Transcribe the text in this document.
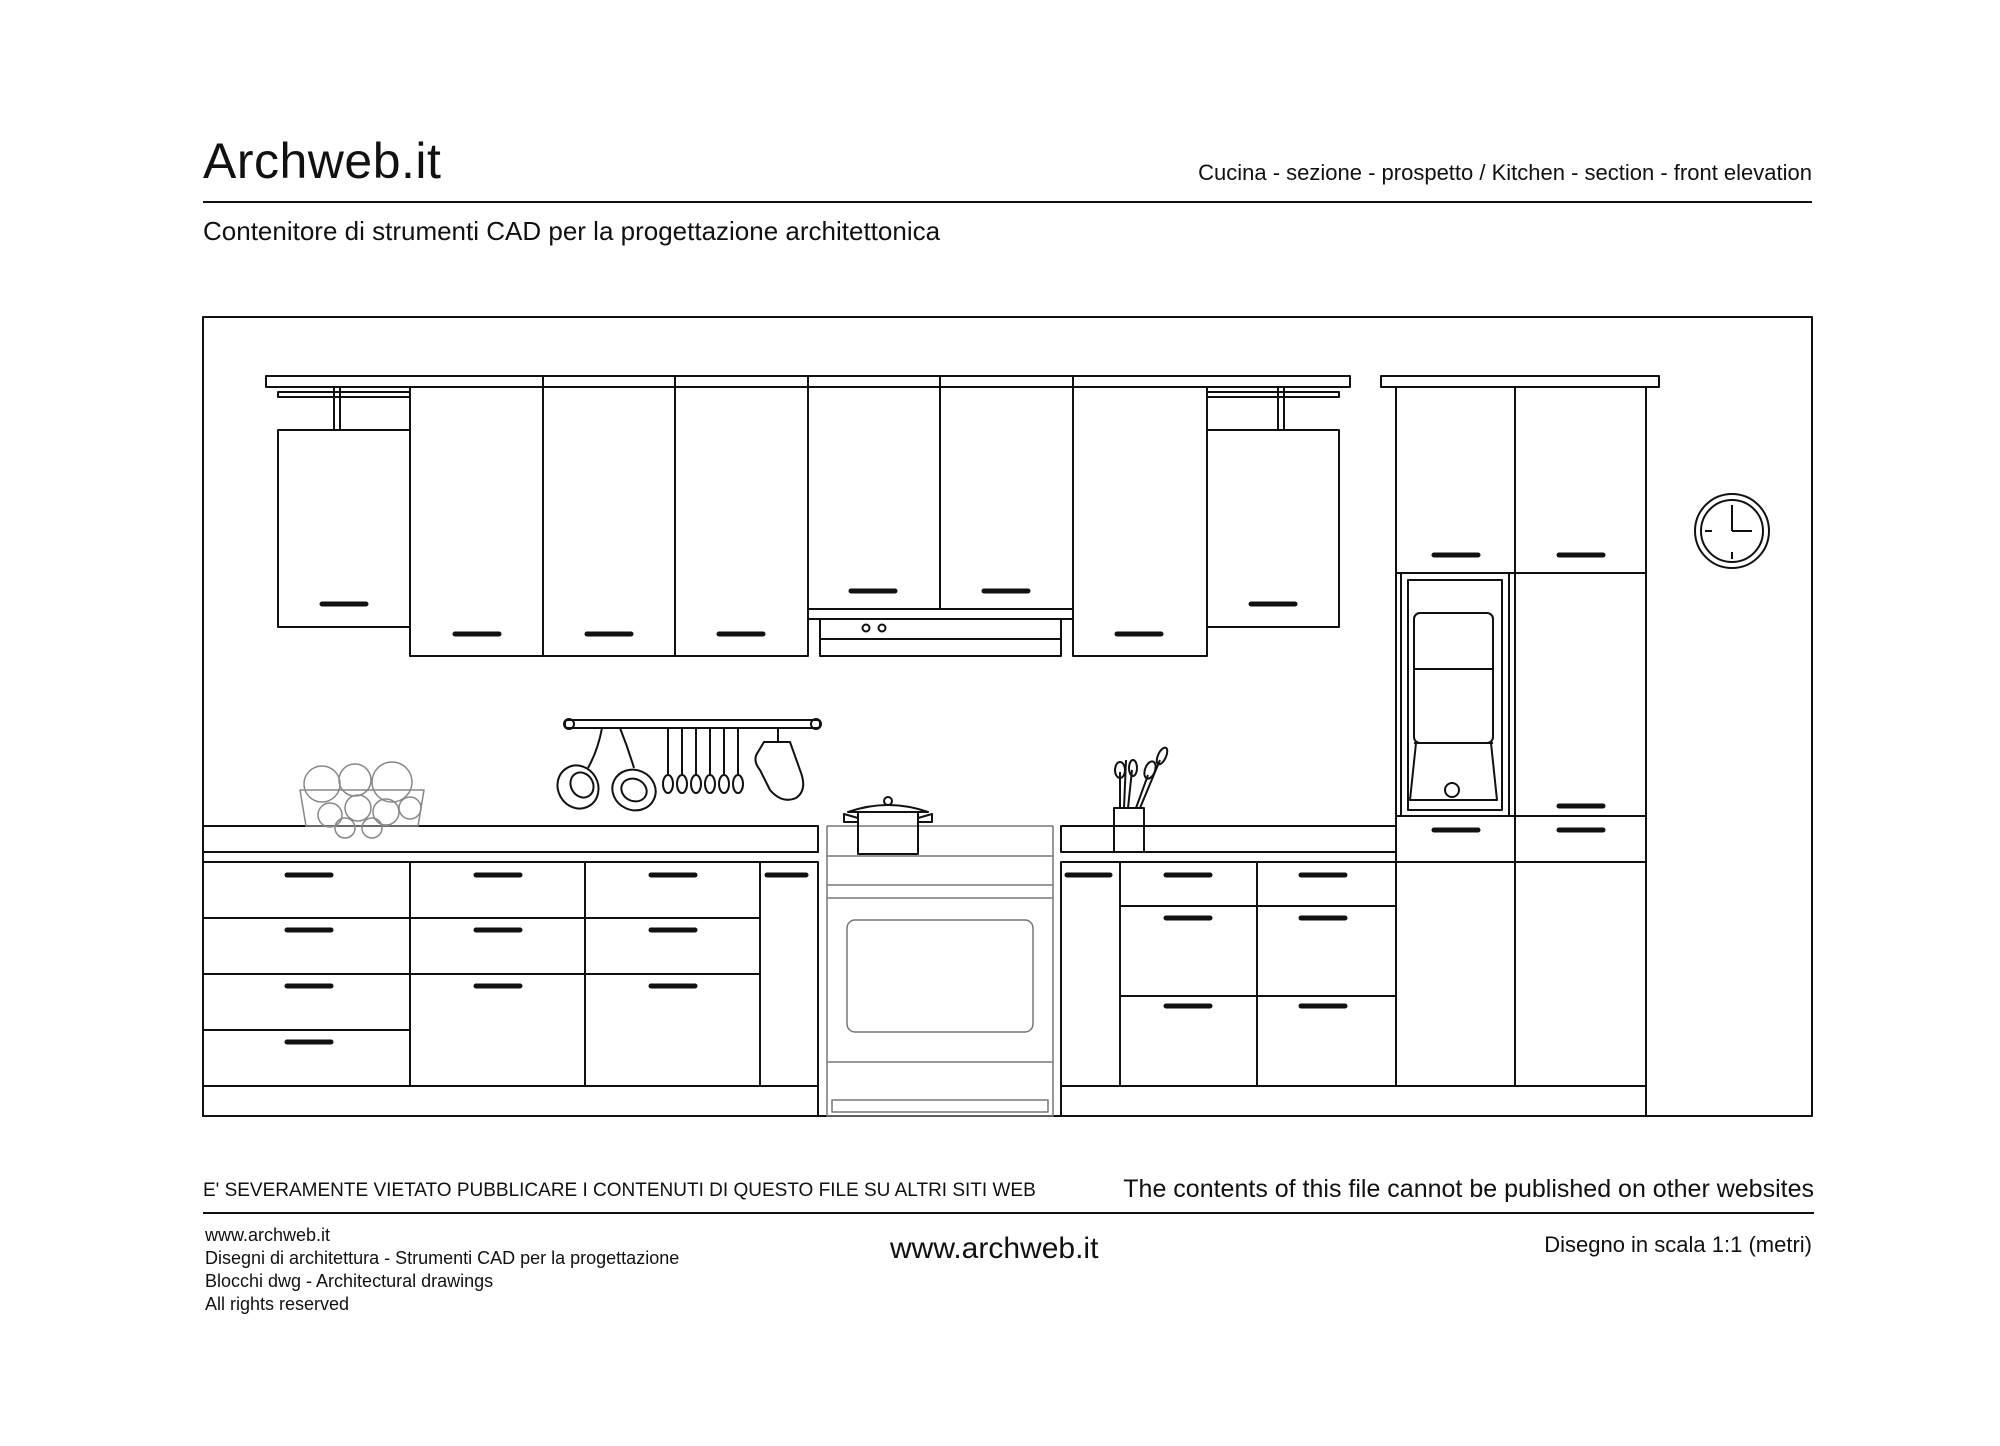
Archweb.it	Cucina - sezione - prospetto / Kitchen - section - front elevation
Contenitore di strumenti CAD per la progettazione architettonica
E' SEVERAMENTE VIETATO PUBBLICARE I CONTENUTI DI QUESTO FILE SU ALTRI SITI WEB	The contents of this file cannot be published on other websites
www.archweb.it
Disegni di architettura - Strumenti CAD per la progettazione
Blocchi dwg - Architectural drawings
All rights reserved
www.archweb.it	Disegno in scala 1:1 (metri)
